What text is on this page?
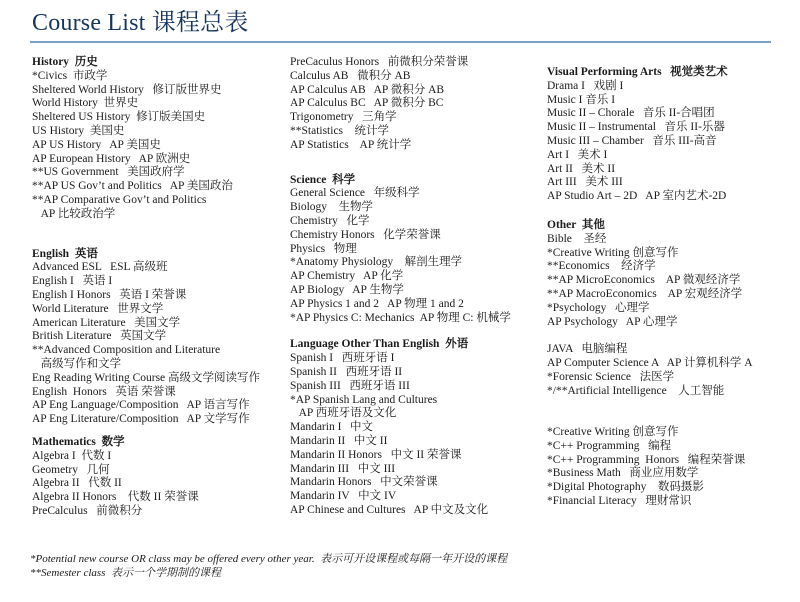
Course List 课程总表
History  历史
*Civics  市政学
Sheltered World History   修订版世界史
World History  世界史
Sheltered US History  修订版美国史
US History  美国史
AP US History   AP 美国史
AP European History   AP 欧洲史
**US Government   美国政府学
**AP US Gov’t and Politics   AP 美国政治
**AP Comparative Gov’t and Politics
AP 比较政治学
English  英语
Advanced ESL   ESL 高级班
English I   英语 I
English I Honors   英语 I 荣誉课
World Literature   世界文学
American Literature   美国文学
British Literature   英国文学
**Advanced Composition and Literature
高级写作和文学
Eng Reading Writing Course 高级文学阅读写作
English  Honors   英语 荣誉课
AP Eng Language/Composition   AP 语言写作
AP Eng Literature/Composition   AP 文学写作
Mathematics  数学
Algebra I  代数 I
Geometry   几何
Algebra II   代数 II
Algebra II Honors    代数 II 荣誉课
PreCalculus   前微积分
PreCaculus Honors   前微积分荣誉课
Calculus AB   微积分 AB
AP Calculus AB   AP 微积分 AB
AP Calculus BC   AP 微积分 BC
Trigonometry   三角学
**Statistics    统计学
AP Statistics    AP 统计学
Science  科学
General Science   年级科学
Biology    生物学
Chemistry   化学
Chemistry Honors   化学荣誉课
Physics   物理
*Anatomy Physiology    解剖生理学
AP Chemistry   AP 化学
AP Biology   AP 生物学
AP Physics 1 and 2   AP 物理 1 and 2
*AP Physics C: Mechanics  AP 物理 C: 机械学
Language Other Than English  外语
Spanish I   西班牙语 I
Spanish II   西班牙语 II
Spanish III   西班牙语 III
*AP Spanish Lang and Cultures
AP 西班牙语及文化
Mandarin I   中文
Mandarin II   中文 II
Mandarin II Honors   中文 II 荣誉课
Mandarin III   中文 III
Mandarin Honors   中文荣誉课
Mandarin IV   中文 IV
AP Chinese and Cultures   AP 中文及文化
Visual Performing Arts   视觉类艺术
Drama I   戏剧 I
Music I 音乐 I
Music II – Chorale   音乐 II-合唱团
Music II – Instrumental   音乐 II-乐器
Music III – Chamber   音乐 III-高音
Art I   美术 I
Art II   美术 II
Art III   美术 III
AP Studio Art – 2D   AP 室内艺术-2D
Other  其他
Bible    圣经
*Creative Writing 创意写作
**Economics    经济学
**AP MicroEconomics    AP 微观经济学
**AP MacroEconomics    AP 宏观经济学
*Psychology   心理学
AP Psychology   AP 心理学
JAVA   电脑编程
AP Computer Science A   AP 计算机科学 A
*Forensic Science   法医学
*/**Artificial Intelligence    人工智能
*Creative Writing 创意写作
*C++ Programming   编程
*C++ Programming  Honors   编程荣誉课
*Business Math   商业应用数学
*Digital Photography    数码摄影
*Financial Literacy   理财常识
*Potential new course OR class may be offered every other year.  表示可开设课程或每隔一年开设的课程
**Semester class  表示一个学期制的课程
